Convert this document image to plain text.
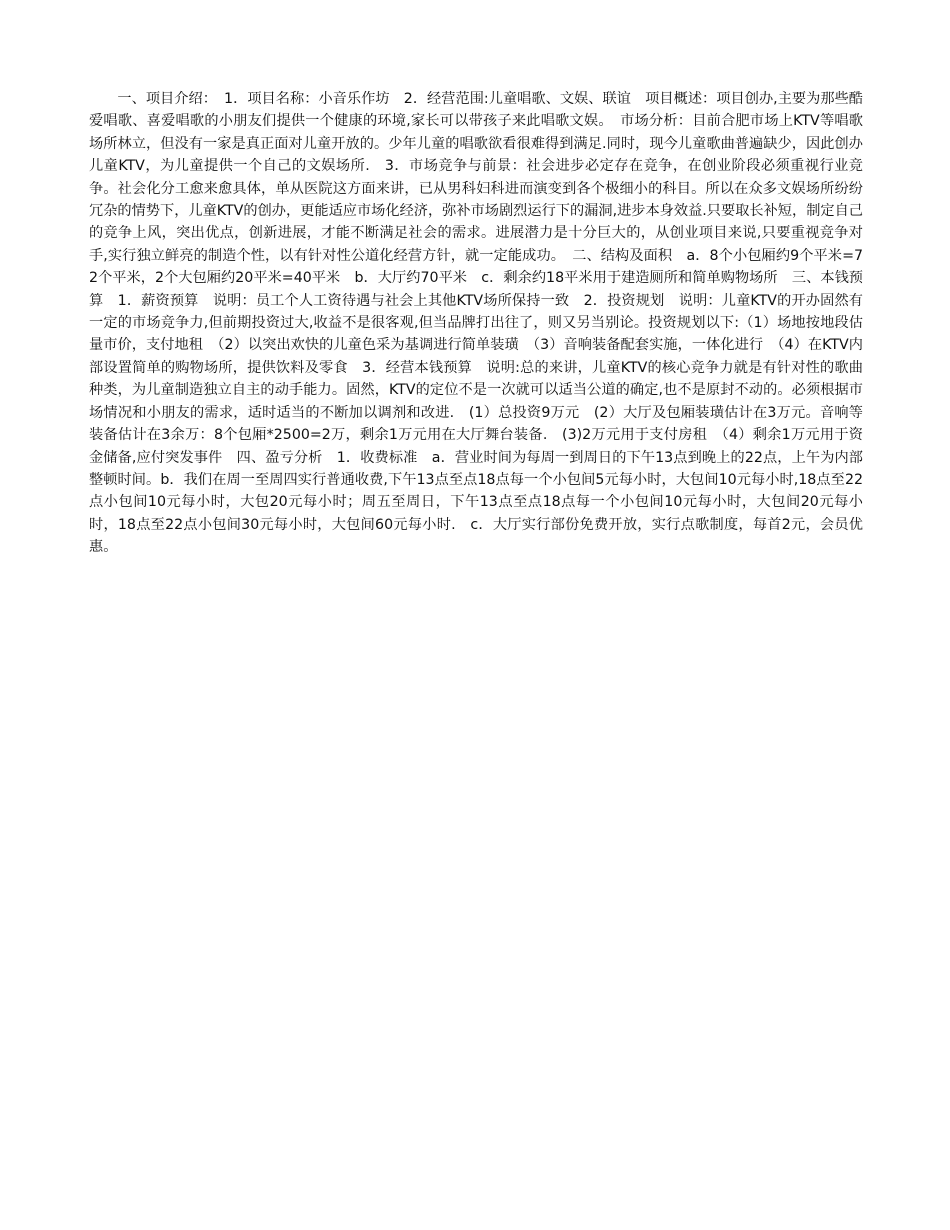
一、项目介绍：　1．项目名称：小音乐作坊　2．经营范围:儿童唱歌、文娱、联谊　项目概述：项目创办,主要为那些酷爱唱歌、喜爱唱歌的小朋友们提供一个健康的环境,家长可以带孩子来此唱歌文娱。　市场分析：目前合肥市场上KTV等唱歌场所林立，但没有一家是真正面对儿童开放的。少年儿童的唱歌欲看很难得到满足.同时，现今儿童歌曲普遍缺少，因此创办儿童KTV，为儿童提供一个自己的文娱场所.　3．市场竞争与前景：社会进步必定存在竞争，在创业阶段必须重视行业竞争。社会化分工愈来愈具体，单从医院这方面来讲，已从男科妇科进而演变到各个极细小的科目。所以在众多文娱场所纷纷冗杂的情势下，儿童KTV的创办，更能适应市场化经济，弥补市场剧烈运行下的漏洞,进步本身效益.只要取长补短，制定自己的竞争上风，突出优点，创新进展，才能不断满足社会的需求。进展潜力是十分巨大的，从创业项目来说,只要重视竞争对手,实行独立鲜亮的制造个性，以有针对性公道化经营方针，就一定能成功。　二、结构及面积　a．8个小包厢约9个平米=72个平米，2个大包厢约20平米=40平米　b．大厅约70平米　c．剩余约18平米用于建造厕所和简单购物场所　三、本钱预算　1．薪资预算　说明：员工个人工资待遇与社会上其他KTV场所保持一致　2．投资规划　说明：儿童KTV的开办固然有一定的市场竞争力,但前期投资过大,收益不是很客观,但当品牌打出往了，则又另当别论。投资规划以下:（1）场地按地段估量市价，支付地租　（2）以突出欢快的儿童色采为基调进行简单装璜　（3）音响装备配套实施，一体化进行　（4）在KTV内部设置简单的购物场所，提供饮料及零食　3．经营本钱预算　说明:总的来讲，儿童KTV的核心竞争力就是有针对性的歌曲种类，为儿童制造独立自主的动手能力。固然，KTV的定位不是一次就可以适当公道的确定,也不是原封不动的。必须根据市场情况和小朋友的需求，适时适当的不断加以调剂和改进.　(1）总投资9万元　(2）大厅及包厢装璜估计在3万元。音响等装备估计在3余万：8个包厢*2500=2万，剩余1万元用在大厅舞台装备.　(3)2万元用于支付房租　（4）剩余1万元用于资金储备,应付突发事件　四、盈亏分析　1．收费标准　a．营业时间为每周一到周日的下午13点到晚上的22点，上午为内部整顿时间。b．我们在周一至周四实行普通收费,下午13点至点18点每一个小包间5元每小时，大包间10元每小时,18点至22点小包间10元每小时，大包20元每小时；周五至周日，下午13点至点18点每一个小包间10元每小时，大包间20元每小时，18点至22点小包间30元每小时，大包间60元每小时.　c．大厅实行部份免费开放，实行点歌制度，每首2元，会员优惠。
